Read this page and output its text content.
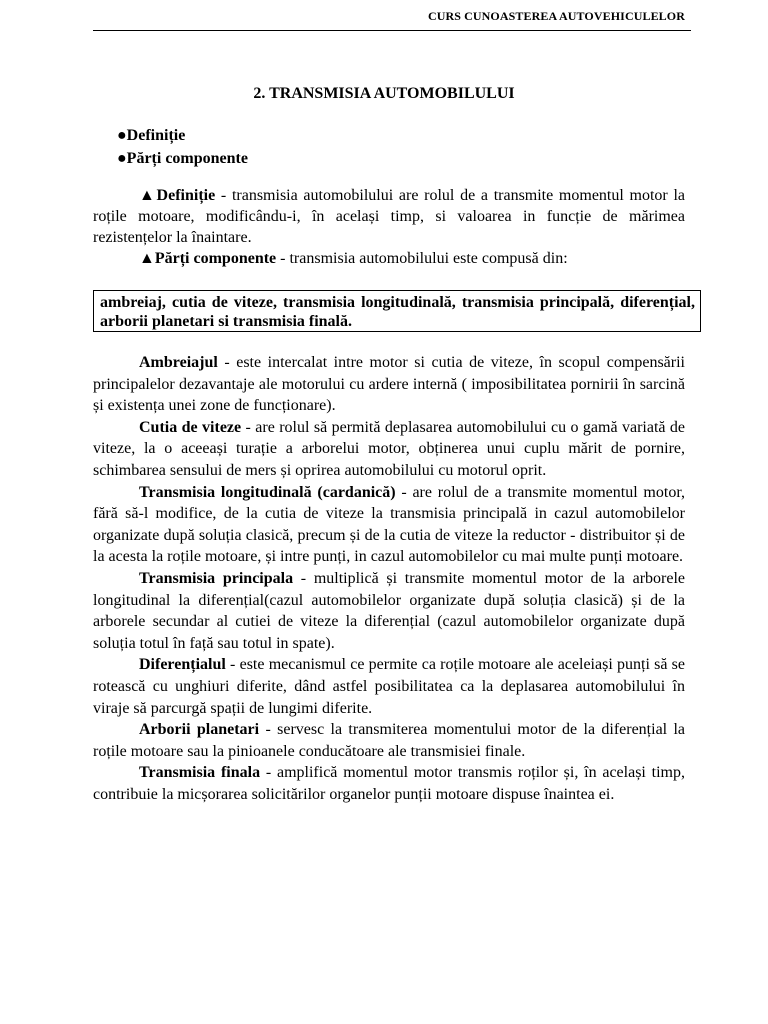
CURS CUNOASTEREA AUTOVEHICULELOR
2. TRANSMISIA AUTOMOBILULUI
●Definiție
●Părți componente

▲Definiție - transmisia automobilului are rolul de a transmite momentul motor la roțile motoare, modificându-i, în același timp, si valoarea in funcție de mărimea rezistențelor la înaintare.

▲Părți componente - transmisia automobilului este compusă din:

ambreiaj, cutia de viteze, transmisia longitudinală, transmisia principală, diferențial, arborii planetari si transmisia finală.

Ambreiajul - este intercalat intre motor si cutia de viteze, în scopul compensării principalelor dezavantaje ale motorului cu ardere internă ( imposibilitatea pornirii în sarcină și existența unei zone de funcționare).

Cutia de viteze - are rolul să permită deplasarea automobilului cu o gamă variată de viteze, la o aceeași turație a arborelui motor, obținerea unui cuplu mărit de pornire, schimbarea sensului de mers și oprirea automobilului cu motorul oprit.

Transmisia longitudinală (cardanică) - are rolul de a transmite momentul motor, fără să-l modifice, de la cutia de viteze la transmisia principală in cazul automobilelor organizate după soluția clasică, precum și de la cutia de viteze la reductor - distribuitor și de la acesta la roțile motoare, și intre punți, in cazul automobilelor cu mai multe punți motoare.

Transmisia principala - multiplică și transmite momentul motor de la arborele longitudinal la diferențial(cazul automobilelor organizate după soluția clasică) și de la arborele secundar al cutiei de viteze la diferențial (cazul automobilelor organizate după soluția totul în față sau totul in spate).

Diferențialul - este mecanismul ce permite ca roțile motoare ale aceleiași punți să se rotească cu unghiuri diferite, dând astfel posibilitatea ca la deplasarea automobilului în viraje să parcurgă spații de lungimi diferite.

Arborii planetari - servesc la transmiterea momentului motor de la diferențial la roțile motoare sau la pinioanele conducătoare ale transmisiei finale.

Transmisia finala - amplifică momentul motor transmis roților și, în același timp, contribuie la micșorarea solicitărilor organelor punții motoare dispuse înaintea ei.
